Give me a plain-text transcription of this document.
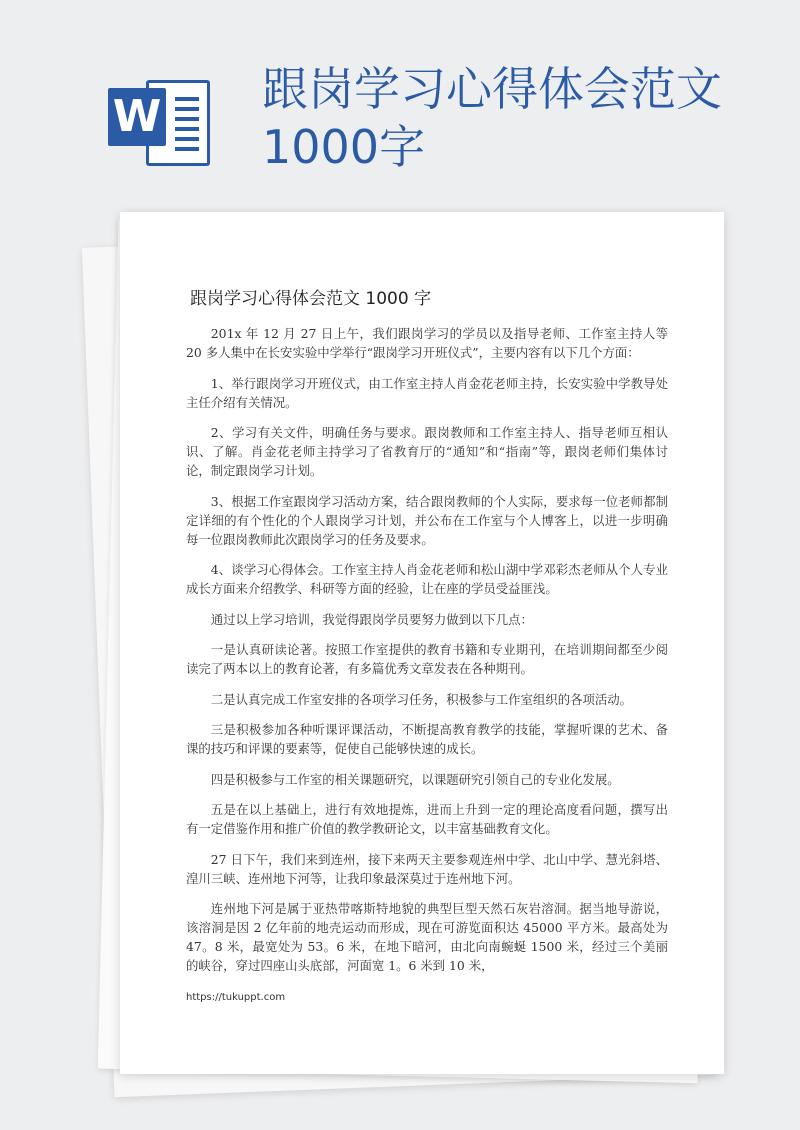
W
跟岗学习心得体会范文
1000字
跟岗学习心得体会范文 1000 字

201x 年 12 月 27 日上午，我们跟岗学习的学员以及指导老师、工作室主持人等 20 多人集中在长安实验中学举行“跟岗学习开班仪式”，主要内容有以下几个方面：

1、举行跟岗学习开班仪式，由工作室主持人肖金花老师主持，长安实验中学教导处主任介绍有关情况。

2、学习有关文件，明确任务与要求。跟岗教师和工作室主持人、指导老师互相认识、了解。肖金花老师主持学习了省教育厅的“通知”和“指南”等，跟岗老师们集体讨论，制定跟岗学习计划。

3、根据工作室跟岗学习活动方案，结合跟岗教师的个人实际，要求每一位老师都制定详细的有个性化的个人跟岗学习计划，并公布在工作室与个人博客上，以进一步明确每一位跟岗教师此次跟岗学习的任务及要求。

4、谈学习心得体会。工作室主持人肖金花老师和松山湖中学邓彩杰老师从个人专业成长方面来介绍教学、科研等方面的经验，让在座的学员受益匪浅。

通过以上学习培训，我觉得跟岗学员要努力做到以下几点：

一是认真研读论著。按照工作室提供的教育书籍和专业期刊，在培训期间都至少阅读完了两本以上的教育论著，有多篇优秀文章发表在各种期刊。

二是认真完成工作室安排的各项学习任务，积极参与工作室组织的各项活动。

三是积极参加各种听课评课活动，不断提高教育教学的技能，掌握听课的艺术、备课的技巧和评课的要素等，促使自己能够快速的成长。

四是积极参与工作室的相关课题研究，以课题研究引领自己的专业化发展。

五是在以上基础上，进行有效地提炼，进而上升到一定的理论高度看问题，撰写出有一定借鉴作用和推广价值的教学教研论文，以丰富基础教育文化。

27 日下午，我们来到连州，接下来两天主要参观连州中学、北山中学、慧光斜塔、湟川三峡、连州地下河等，让我印象最深莫过于连州地下河。

连州地下河是属于亚热带喀斯特地貌的典型巨型天然石灰岩溶洞。据当地导游说，该溶洞是因 2 亿年前的地壳运动而形成，现在可游览面积达 45000 平方米。最高处为 47。8 米，最宽处为 53。6 米，在地下暗河，由北向南蜿蜒 1500 米，经过三个美丽的峡谷，穿过四座山头底部，河面宽 1。6 米到 10 米，

https://tukuppt.com
